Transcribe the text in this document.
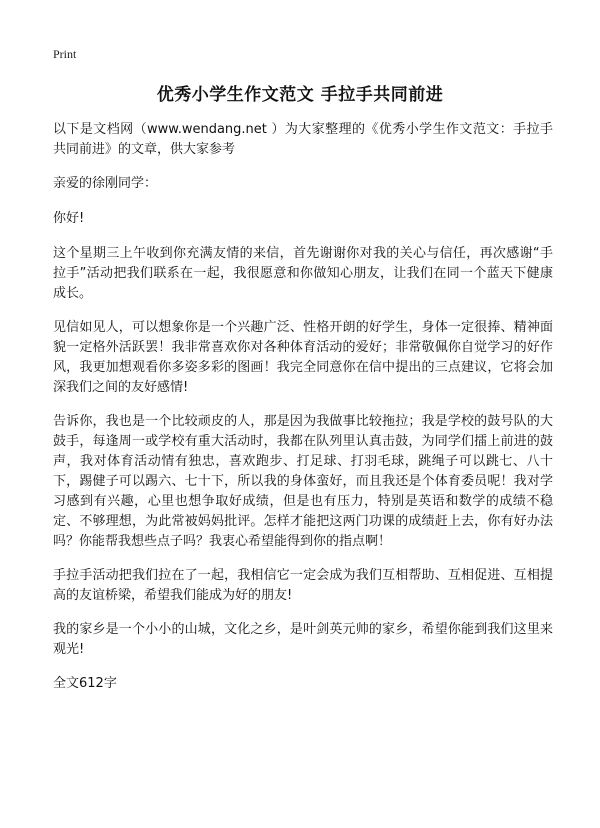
Print
优秀小学生作文范文 手拉手共同前进

以下是文档网（www.wendang.net ）为大家整理的《优秀小学生作文范文：手拉手共同前进》的文章，供大家参考

亲爱的徐刚同学：

你好!

这个星期三上午收到你充满友情的来信，首先谢谢你对我的关心与信任，再次感谢“手拉手”活动把我们联系在一起，我很愿意和你做知心朋友，让我们在同一个蓝天下健康成长。

见信如见人，可以想象你是一个兴趣广泛、性格开朗的好学生，身体一定很捧、精神面貌一定格外活跃罢！我非常喜欢你对各种体育活动的爱好；非常敬佩你自觉学习的好作风，我更加想观看你多姿多彩的图画！我完全同意你在信中提出的三点建议，它将会加深我们之间的友好感情!

告诉你，我也是一个比较顽皮的人，那是因为我做事比较拖拉；我是学校的鼓号队的大鼓手，每逢周一或学校有重大活动时，我都在队列里认真击鼓，为同学们擂上前进的鼓声，我对体育活动情有独忠，喜欢跑步、打足球、打羽毛球，跳绳子可以跳七、八十下，踢健子可以踢六、七十下，所以我的身体蛮好，而且我还是个体育委员呢！我对学习感到有兴趣，心里也想争取好成绩，但是也有压力，特别是英语和数学的成绩不稳定、不够理想，为此常被妈妈批评。怎样才能把这两门功课的成绩赶上去，你有好办法吗？你能帮我想些点子吗？我衷心希望能得到你的指点啊！

手拉手活动把我们拉在了一起，我相信它一定会成为我们互相帮助、互相促进、互相提高的友谊桥梁，希望我们能成为好的朋友!

我的家乡是一个小小的山城，文化之乡，是叶剑英元帅的家乡，希望你能到我们这里来观光!

全文612字
